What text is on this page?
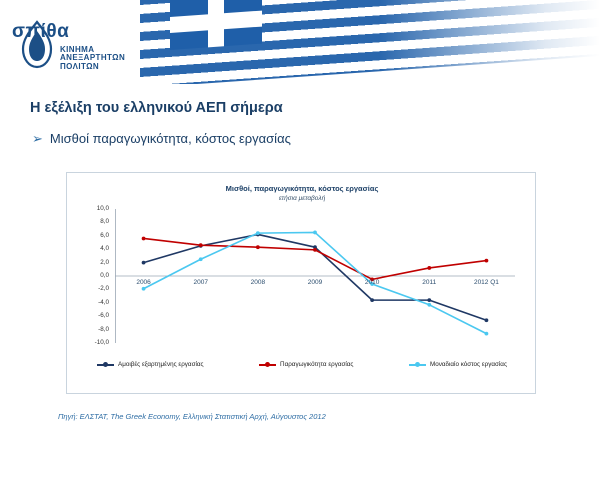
σπίθα
ΚΙΝΗΜΑ
ΑΝΕΞΑΡΤΗΤΩΝ
ΠΟΛΙΤΩΝ
Η εξέλιξη του ελληνικού ΑΕΠ σήμερα
➢ Μισθοί παραγωγικότητα, κόστος εργασίας
Μισθοί, παραγωγικότητα, κόστος εργασίας
ετήσια μεταβολή
10,0
8,0
6,0
4,0
2,0
0,0
-2,0
-4,0
-6,0
-8,0
-10,0
2006	2007	2008	2009	2010	2011	2012 Q1
Αμοιβές εξαρτημένης εργασίας	Παραγωγικότητα εργασίας	Μοναδιαίο κόστος εργασίας
Πηγή: ΕΛΣΤΑΤ, The Greek Economy, Ελληνική Στατιστική Αρχή, Αύγουστος 2012
